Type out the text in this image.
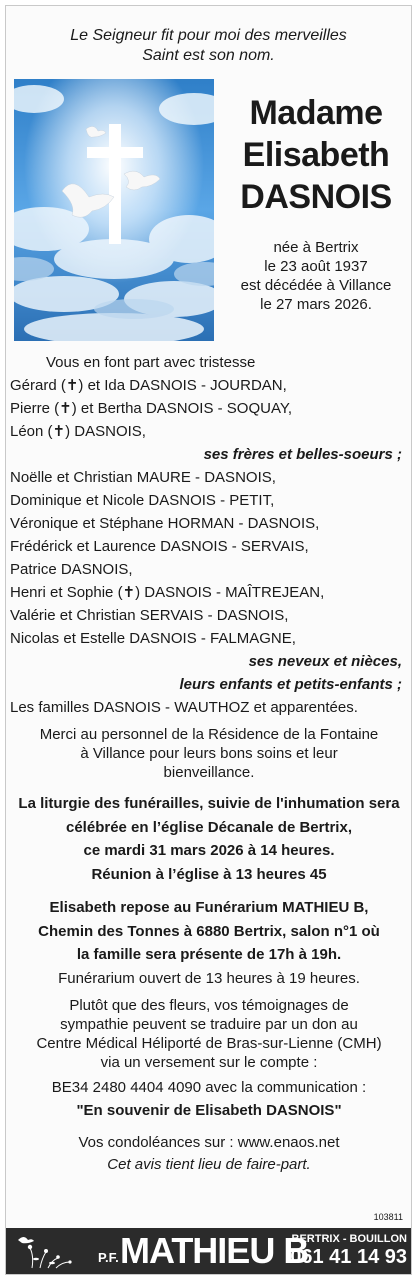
Le Seigneur fit pour moi des merveilles
Saint est son nom.
Madame
Elisabeth
DASNOIS
née à Bertrix
le 23 août 1937
est décédée à Villance
le 27 mars 2026.
Vous en font part avec tristesse
Gérard (✝) et Ida DASNOIS - JOURDAN,
Pierre (✝) et Bertha DASNOIS - SOQUAY,
Léon (✝) DASNOIS,
ses frères et belles-soeurs ;
Noëlle et Christian MAURE - DASNOIS,
Dominique et Nicole DASNOIS - PETIT,
Véronique et Stéphane HORMAN - DASNOIS,
Frédérick et Laurence DASNOIS - SERVAIS,
Patrice DASNOIS,
Henri et Sophie (✝) DASNOIS - MAÎTREJEAN,
Valérie et Christian SERVAIS - DASNOIS,
Nicolas et Estelle DASNOIS - FALMAGNE,
ses neveux et nièces,
leurs enfants et petits-enfants ;
Les familles DASNOIS - WAUTHOZ et apparentées.
Merci au personnel de la Résidence de la Fontaine
à Villance pour leurs bons soins et leur
bienveillance.
La liturgie des funérailles, suivie de l'inhumation sera
célébrée en l’église Décanale de Bertrix,
ce mardi 31 mars 2026 à 14 heures.
Réunion à l’église à 13 heures 45
Elisabeth repose au Funérarium MATHIEU B,
Chemin des Tonnes à 6880 Bertrix, salon n°1 où
la famille sera présente de 17h à 19h.
Funérarium ouvert de 13 heures à 19 heures.
Plutôt que des fleurs, vos témoignages de
sympathie peuvent se traduire par un don au
Centre Médical Héliporté de Bras-sur-Lienne (CMH)
via un versement sur le compte :
BE34 2480 4404 4090 avec la communication :
"En souvenir de Elisabeth DASNOIS"
Vos condoléances sur : www.enaos.net
Cet avis tient lieu de faire-part.
103811
P.F. MATHIEU B
BERTRIX - BOUILLON
061 41 14 93
